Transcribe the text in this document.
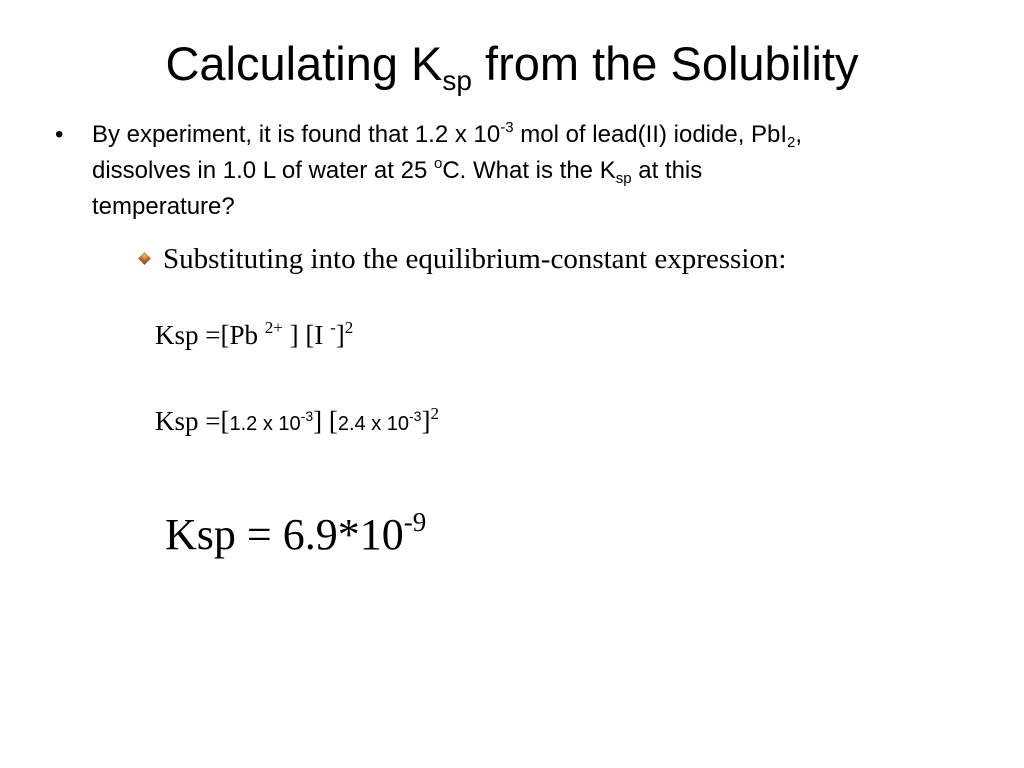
Calculating $K_{sp}$ from the Solubility
• By experiment, it is found that 1.2 x $10^{-3}$ mol of lead(II) iodide, PbI$_2$,
dissolves in 1.0 L of water at 25 $^o$C. What is the $K_{sp}$ at this
temperature?
Substituting into the equilibrium-constant expression:
Ksp =[Pb $^{2+}$ ] [I -]$^2$
Ksp =[1.2 x $10^{-3}$] [2.4 x $10^{-3}]^2$
Ksp = $6.9*10^{-9}$
